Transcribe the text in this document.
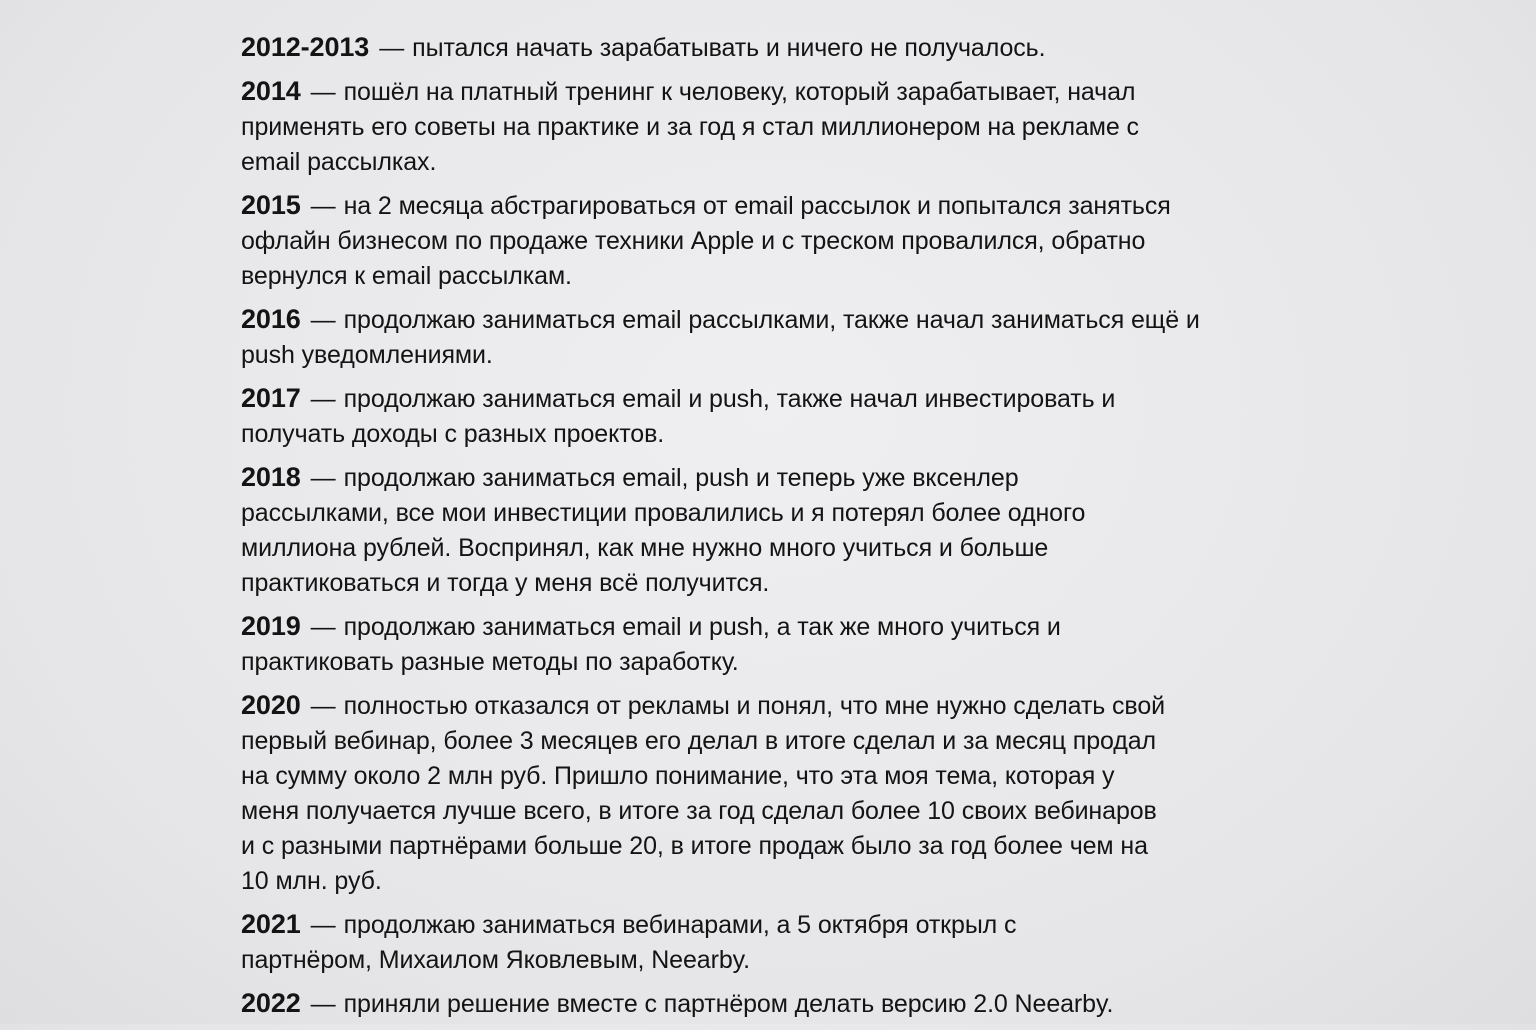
2012-2013 — пытался начать зарабатывать и ничего не получалось.

2014 — пошёл на платный тренинг к человеку, который зарабатывает, начал применять его советы на практике и за год я стал миллионером на рекламе с email рассылках.

2015 — на 2 месяца абстрагироваться от email рассылок и попытался заняться офлайн бизнесом по продаже техники Apple и с треском провалился, обратно вернулся к email рассылкам.

2016 — продолжаю заниматься email рассылками, также начал заниматься ещё и push уведомлениями.

2017 — продолжаю заниматься email и push, также начал инвестировать и получать доходы с разных проектов.

2018 — продолжаю заниматься email, push и теперь уже вксенлер рассылками, все мои инвестиции провалились и я потерял более одного миллиона рублей. Воспринял, как мне нужно много учиться и больше практиковаться и тогда у меня всё получится.

2019 — продолжаю заниматься email и push, а так же много учиться и практиковать разные методы по заработку.

2020 — полностью отказался от рекламы и понял, что мне нужно сделать свой первый вебинар, более 3 месяцев его делал в итоге сделал и за месяц продал на сумму около 2 млн руб. Пришло понимание, что эта моя тема, которая у меня получается лучше всего, в итоге за год сделал более 10 своих вебинаров и с разными партнёрами больше 20, в итоге продаж было за год более чем на 10 млн. руб.

2021 — продолжаю заниматься вебинарами, а 5 октября открыл с партнёром, Михаилом Яковлевым, Neearby.

2022 — приняли решение вместе с партнёром делать версию 2.0 Neearby.
